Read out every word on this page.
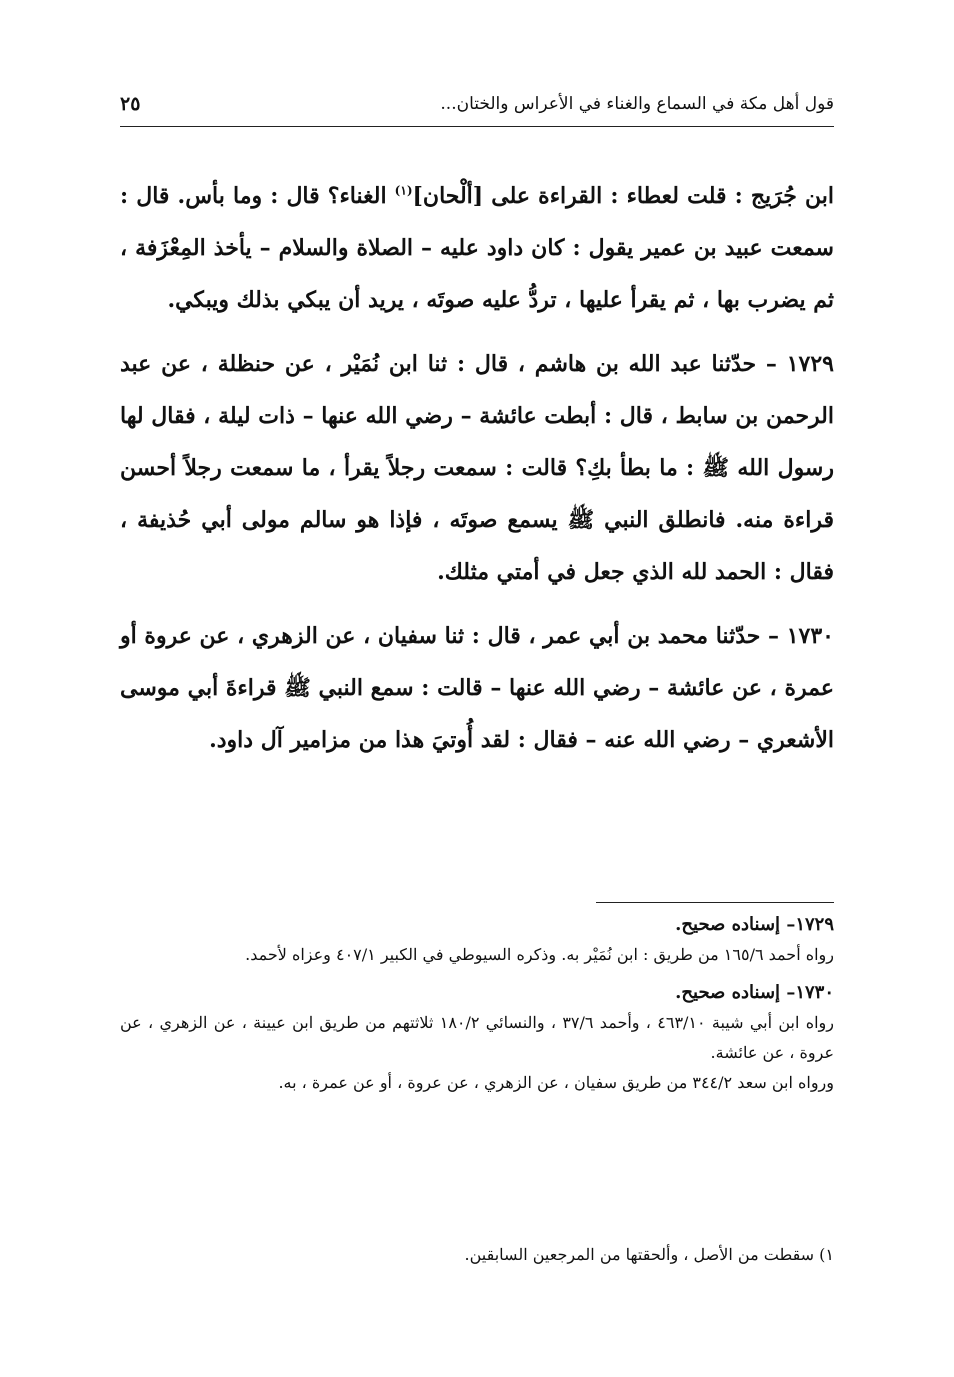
قول أهل مكة في السماع والغناء في الأعراس والختان...
٢٥

ابن جُرَيج : قلت لعطاء : القراءة على [ألْحان]$^{(١)}$ الغناء؟ قال : وما بأس. قال : سمعت عبيد بن عمير يقول : كان داود عليه – الصلاة والسلام – يأخذ المِعْزَفة ، ثم يضرب بها ، ثم يقرأ عليها ، تردُّ عليه صوتَه ، يريد أن يبكي بذلك ويبكي.

١٧٢٩ – حدّثنا عبد الله بن هاشم ، قال : ثنا ابن نُمَيْر ، عن حنظلة ، عن عبد الرحمن بن سابط ، قال : أبطت عائشة – رضي الله عنها – ذات ليلة ، فقال لها رسول الله ﷺ : ما بطأ بكِ؟ قالت : سمعت رجلاً يقرأ ، ما سمعت رجلاً أحسن قراءة منه. فانطلق النبي ﷺ يسمع صوتَه ، فإذا هو سالم مولى أبي حُذيفة ، فقال : الحمد لله الذي جعل في أمتي مثلك.

١٧٣٠ – حدّثنا محمد بن أبي عمر ، قال : ثنا سفيان ، عن الزهري ، عن عروة أو عمرة ، عن عائشة – رضي الله عنها – قالت : سمع النبي ﷺ قراءةَ أبي موسى الأشعري – رضي الله عنه – فقال : لقد أُوتيَ هذا من مزامير آل داود.

١٧٢٩– إسناده صحيح.
رواه أحمد ١٦٥/٦ من طريق : ابن نُمَيْر به. وذكره السيوطي في الكبير ٤٠٧/١ وعزاه لأحمد.
١٧٣٠– إسناده صحيح.
رواه ابن أبي شيبة ٤٦٣/١٠ ، وأحمد ٣٧/٦ ، والنسائي ١٨٠/٢ ثلاثتهم من طريق ابن عيينة ، عن الزهري ، عن عروة ، عن عائشة.
ورواه ابن سعد ٣٤٤/٢ من طريق سفيان ، عن الزهري ، عن عروة ، أو عن عمرة ، به.
١) سقطت من الأصل ، وألحقتها من المرجعين السابقين.
